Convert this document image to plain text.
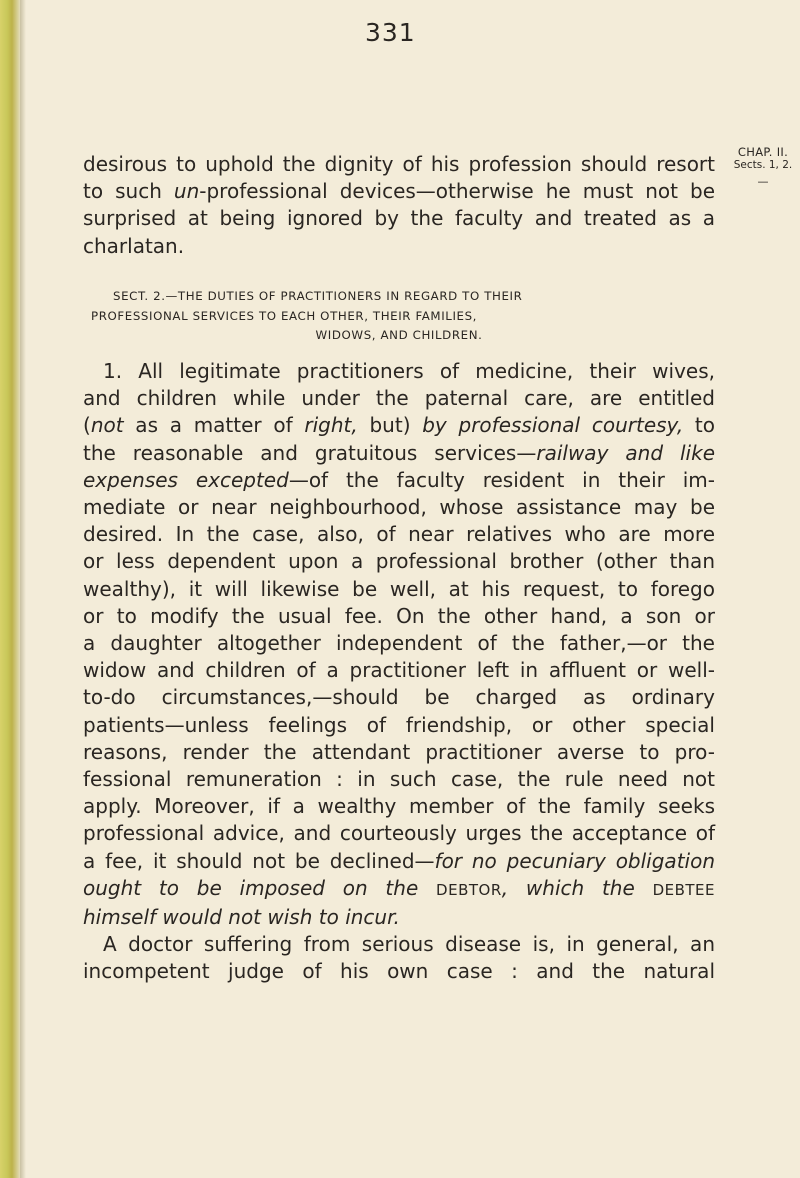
331
CHAP. II.
Sects. 1, 2.
—
desirous to uphold the dignity of his profession should resort
to such un-professional devices—otherwise he must not be
surprised at being ignored by the faculty and treated as a
charlatan.
SECT. 2.—THE DUTIES OF PRACTITIONERS IN REGARD TO THEIR
PROFESSIONAL SERVICES TO EACH OTHER, THEIR FAMILIES,
WIDOWS, AND CHILDREN.
1. All legitimate practitioners of medicine, their wives,
and children while under the paternal care, are entitled
(not as a matter of right, but) by professional courtesy, to
the reasonable and gratuitous services—railway and like
expenses excepted—of the faculty resident in their im-
mediate or near neighbourhood, whose assistance may be
desired. In the case, also, of near relatives who are more
or less dependent upon a professional brother (other than
wealthy), it will likewise be well, at his request, to forego
or to modify the usual fee. On the other hand, a son or
a daughter altogether independent of the father,—or the
widow and children of a practitioner left in affluent or well-
to-do circumstances,—should be charged as ordinary
patients—unless feelings of friendship, or other special
reasons, render the attendant practitioner averse to pro-
fessional remuneration : in such case, the rule need not
apply. Moreover, if a wealthy member of the family seeks
professional advice, and courteously urges the acceptance of
a fee, it should not be declined—for no pecuniary obligation
ought to be imposed on the DEBTOR, which the DEBTEE
himself would not wish to incur.
A doctor suffering from serious disease is, in general, an
incompetent judge of his own case : and the natural
